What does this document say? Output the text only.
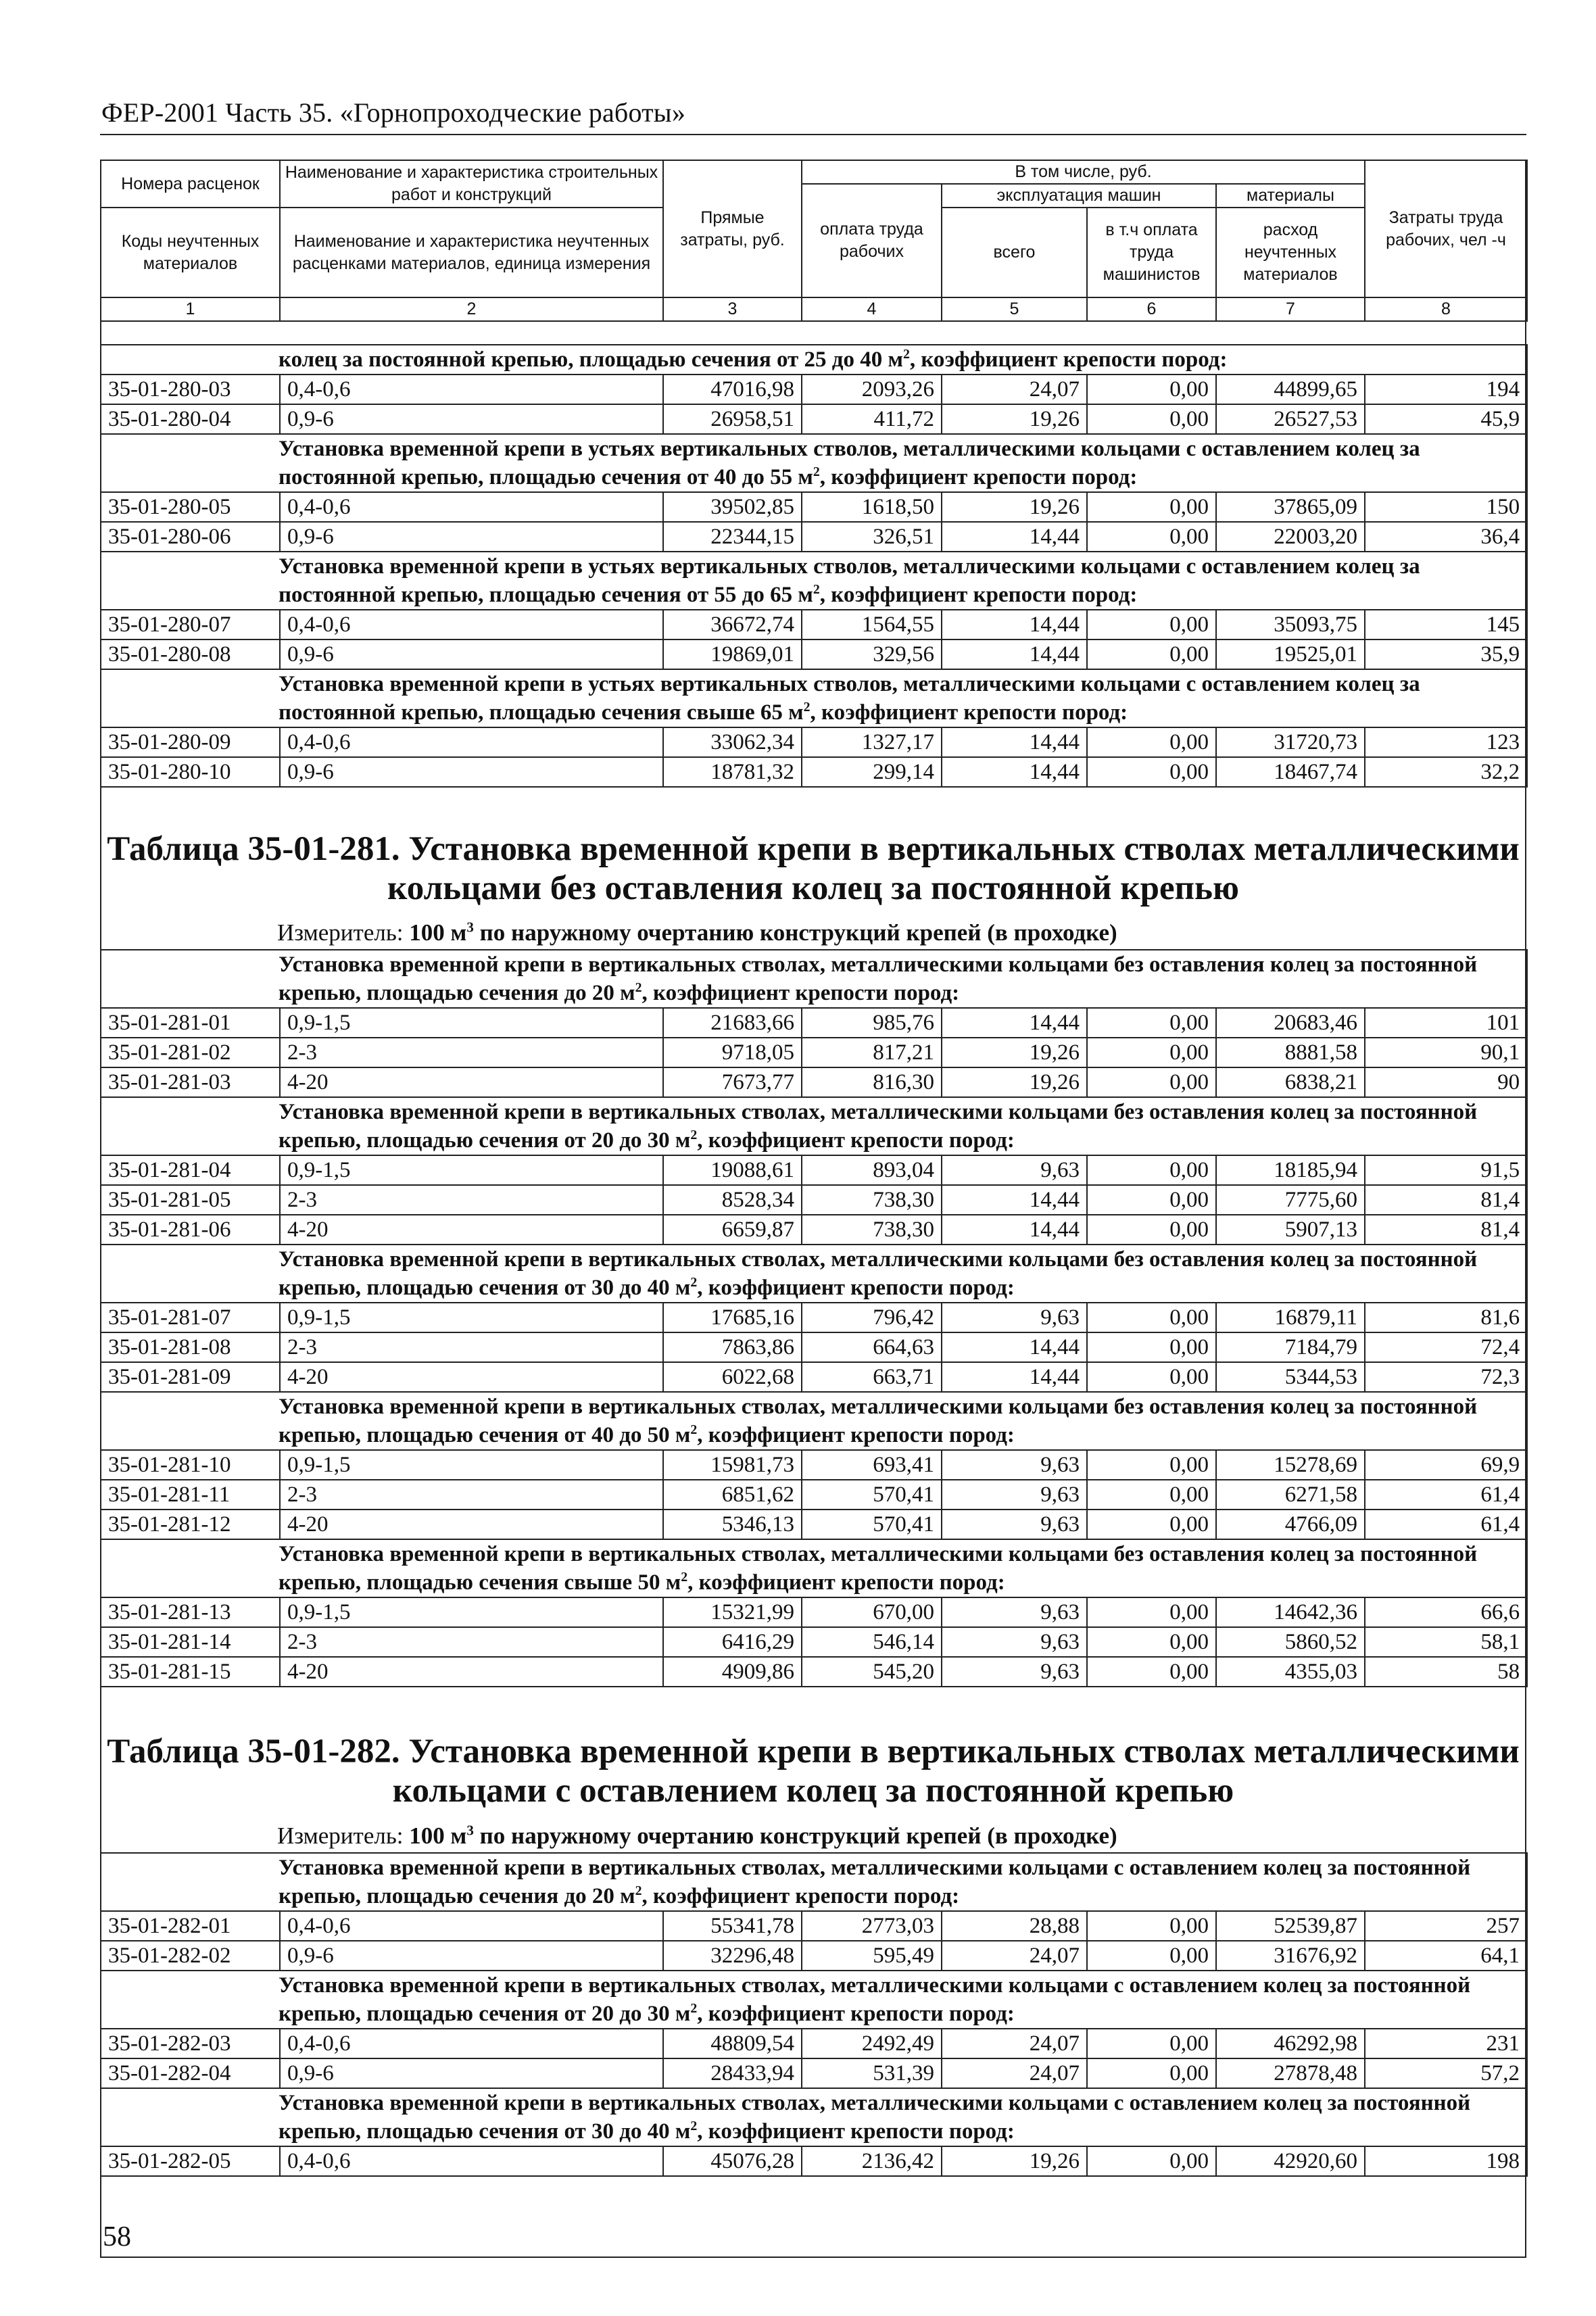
ФЕР-2001 Часть 35. «Горнопроходческие работы»
Номера расценок	Наименование и характеристика строительных работ и конструкций	Прямые затраты, руб.	В том числе, руб.				Затраты труда рабочих, чел -ч
			оплата труда рабочих	эксплуатация машин		материалы	
Коды неучтенных материалов	Наименование и характеристика неучтенных расценками материалов, единица измерения			всего	в т.ч оплата труда машинистов	расход неучтенных материалов	

1	2	3	4	5	6	7	8
колец за постоянной крепью, площадью сечения от 25 до 40 $м^2$, коэффициент крепости пород:							
35-01-280-03	0,4-0,6	47016,98	2093,26	24,07	0,00	44899,65	194
35-01-280-04	0,9-6	26958,51	411,72	19,26	0,00	26527,53	45,9
Установка временной крепи в устьях вертикальных стволов, металлическими кольцами с оставлением колец за постоянной крепью, площадью сечения от 40 до 55 $м^2$, коэффициент крепости пород:							
35-01-280-05	0,4-0,6	39502,85	1618,50	19,26	0,00	37865,09	150
35-01-280-06	0,9-6	22344,15	326,51	14,44	0,00	22003,20	36,4
Установка временной крепи в устьях вертикальных стволов, металлическими кольцами с оставлением колец за постоянной крепью, площадью сечения от 55 до 65 $м^2$, коэффициент крепости пород:							
35-01-280-07	0,4-0,6	36672,74	1564,55	14,44	0,00	35093,75	145
35-01-280-08	0,9-6	19869,01	329,56	14,44	0,00	19525,01	35,9
Установка временной крепи в устьях вертикальных стволов, металлическими кольцами с оставлением колец за постоянной крепью, площадью сечения свыше 65 $м^2$, коэффициент крепости пород:							
35-01-280-09	0,4-0,6	33062,34	1327,17	14,44	0,00	31720,73	123
35-01-280-10	0,9-6	18781,32	299,14	14,44	0,00	18467,74	32,2
Таблица 35-01-281. Установка временной крепи в вертикальных стволах металлическими кольцами без оставления колец за постоянной крепью
Измеритель: 100 $м^3$ по наружному очертанию конструкций крепей (в проходке)
Установка временной крепи в вертикальных стволах, металлическими кольцами без оставления колец за постоянной крепью, площадью сечения до 20 $м^2$, коэффициент крепости пород:							
35-01-281-01	0,9-1,5	21683,66	985,76	14,44	0,00	20683,46	101
35-01-281-02	2-3	9718,05	817,21	19,26	0,00	8881,58	90,1
35-01-281-03	4-20	7673,77	816,30	19,26	0,00	6838,21	90
Установка временной крепи в вертикальных стволах, металлическими кольцами без оставления колец за постоянной крепью, площадью сечения от 20 до 30 $м^2$, коэффициент крепости пород:							
35-01-281-04	0,9-1,5	19088,61	893,04	9,63	0,00	18185,94	91,5
35-01-281-05	2-3	8528,34	738,30	14,44	0,00	7775,60	81,4
35-01-281-06	4-20	6659,87	738,30	14,44	0,00	5907,13	81,4
Установка временной крепи в вертикальных стволах, металлическими кольцами без оставления колец за постоянной крепью, площадью сечения от 30 до 40 $м^2$, коэффициент крепости пород:							
35-01-281-07	0,9-1,5	17685,16	796,42	9,63	0,00	16879,11	81,6
35-01-281-08	2-3	7863,86	664,63	14,44	0,00	7184,79	72,4
35-01-281-09	4-20	6022,68	663,71	14,44	0,00	5344,53	72,3
Установка временной крепи в вертикальных стволах, металлическими кольцами без оставления колец за постоянной крепью, площадью сечения от 40 до 50 $м^2$, коэффициент крепости пород:							
35-01-281-10	0,9-1,5	15981,73	693,41	9,63	0,00	15278,69	69,9
35-01-281-11	2-3	6851,62	570,41	9,63	0,00	6271,58	61,4
35-01-281-12	4-20	5346,13	570,41	9,63	0,00	4766,09	61,4
Установка временной крепи в вертикальных стволах, металлическими кольцами без оставления колец за постоянной крепью, площадью сечения свыше 50 $м^2$, коэффициент крепости пород:							
35-01-281-13	0,9-1,5	15321,99	670,00	9,63	0,00	14642,36	66,6
35-01-281-14	2-3	6416,29	546,14	9,63	0,00	5860,52	58,1
35-01-281-15	4-20	4909,86	545,20	9,63	0,00	4355,03	58
Таблица 35-01-282. Установка временной крепи в вертикальных стволах металлическими кольцами с оставлением колец за постоянной крепью
Измеритель: 100 $м^3$ по наружному очертанию конструкций крепей (в проходке)
Установка временной крепи в вертикальных стволах, металлическими кольцами с оставлением колец за постоянной крепью, площадью сечения до 20 $м^2$, коэффициент крепости пород:							
35-01-282-01	0,4-0,6	55341,78	2773,03	28,88	0,00	52539,87	257
35-01-282-02	0,9-6	32296,48	595,49	24,07	0,00	31676,92	64,1
Установка временной крепи в вертикальных стволах, металлическими кольцами с оставлением колец за постоянной крепью, площадью сечения от 20 до 30 $м^2$, коэффициент крепости пород:							
35-01-282-03	0,4-0,6	48809,54	2492,49	24,07	0,00	46292,98	231
35-01-282-04	0,9-6	28433,94	531,39	24,07	0,00	27878,48	57,2
Установка временной крепи в вертикальных стволах, металлическими кольцами с оставлением колец за постоянной крепью, площадью сечения от 30 до 40 $м^2$, коэффициент крепости пород:							
35-01-282-05	0,4-0,6	45076,28	2136,42	19,26	0,00	42920,60	198
58
